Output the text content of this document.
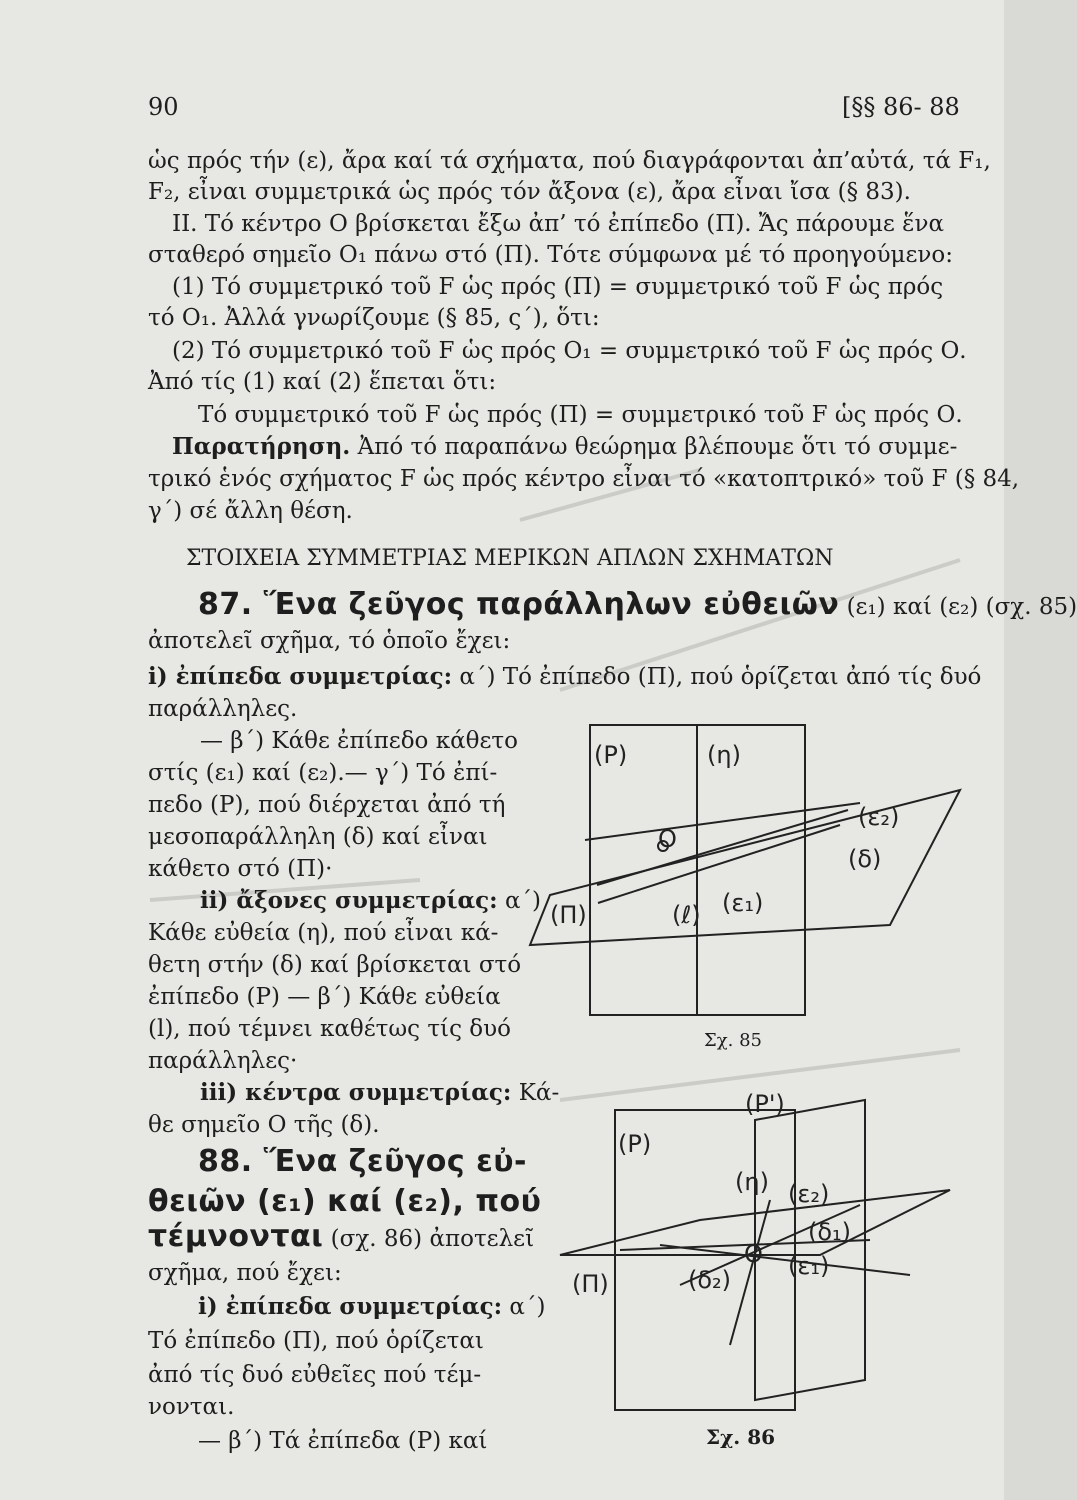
90	[§§ 86- 88
ὡς πρός τήν (ε), ἄρα καί τά σχήματα, πού διαγράφονται ἀπ’αὐτά, τά F₁,
F₂, εἶναι συμμετρικά ὡς πρός τόν ἄξονα (ε), ἄρα εἶναι ἴσα (§ 83).
ΙΙ. Τό κέντρο Ο βρίσκεται ἔξω ἀπ’ τό ἐπίπεδο (Π). Ἄς πάρουμε ἕνα
σταθερό σημεῖο Ο₁ πάνω στό (Π). Τότε σύμφωνα μέ τό προηγούμενο:
(1) Τό συμμετρικό τοῦ F ὡς πρός (Π) = συμμετρικό τοῦ F ὡς πρός
τό Ο₁. Ἀλλά γνωρίζουμε (§ 85, ς΄), ὅτι:
(2) Τό συμμετρικό τοῦ F ὡς πρός Ο₁ = συμμετρικό τοῦ F ὡς πρός Ο.
Ἀπό τίς (1) καί (2) ἕπεται ὅτι:
Τό συμμετρικό τοῦ F ὡς πρός (Π) = συμμετρικό τοῦ F ὡς πρός Ο.
Παρατήρηση. Ἀπό τό παραπάνω θεώρημα βλέπουμε ὅτι τό συμμε-
τρικό ἑνός σχήματος F ὡς πρός κέντρο εἶναι τό «κατοπτρικό» τοῦ F (§ 84,
γ΄) σέ ἄλλη θέση.
ΣΤΟΙΧΕΙΑ ΣΥΜΜΕΤΡΙΑΣ ΜΕΡΙΚΩΝ ΑΠΛΩΝ ΣΧΗΜΑΤΩΝ
87. Ἕνα ζεῦγος παράλληλων εὐθειῶν (ε₁) καί (ε₂) (σχ. 85)
ἀποτελεῖ σχῆμα, τό ὁποῖο ἔχει:
i) ἐπίπεδα συμμετρίας: α΄) Τό ἐπίπεδο (Π), πού ὁρίζεται ἀπό τίς δυό
παράλληλες.
— β΄) Κάθε ἐπίπεδο κάθετο
στίς (ε₁) καί (ε₂).— γ΄) Τό ἐπί-
πεδο (Ρ), πού διέρχεται ἀπό τή
μεσοπαράλληλη (δ) καί εἶναι
κάθετο στό (Π)·
ii) ἄξονες συμμετρίας: α΄)
Κάθε εὐθεία (η), πού εἶναι κά-
θετη στήν (δ) καί βρίσκεται στό
ἐπίπεδο (Ρ) — β΄) Κάθε εὐθεία
(l), πού τέμνει καθέτως τίς δυό
παράλληλες·
iii) κέντρα συμμετρίας: Κά-
θε σημεῖο Ο τῆς (δ).
88. Ἕνα ζεῦγος εὐ-
θειῶν (ε₁) καί (ε₂), πού
τέμνονται (σχ. 86) ἀποτελεῖ
σχῆμα, πού ἔχει:
i) ἐπίπεδα συμμετρίας: α΄)
Τό ἐπίπεδο (Π), πού ὁρίζεται
ἀπό τίς δυό εὐθεῖες πού τέμ-
νονται.
— β΄) Τά ἐπίπεδα (Ρ) καί
(Ρ)	(η)
(ε₂)
(δ)
(Π)	(ℓ) (ε₁)
O
Σχ. 85
(Ρ')
(Ρ)
(η) (ε₂)
(δ₁)
O (ε₁)
(δ₂)
(Π)
Σχ. 86
